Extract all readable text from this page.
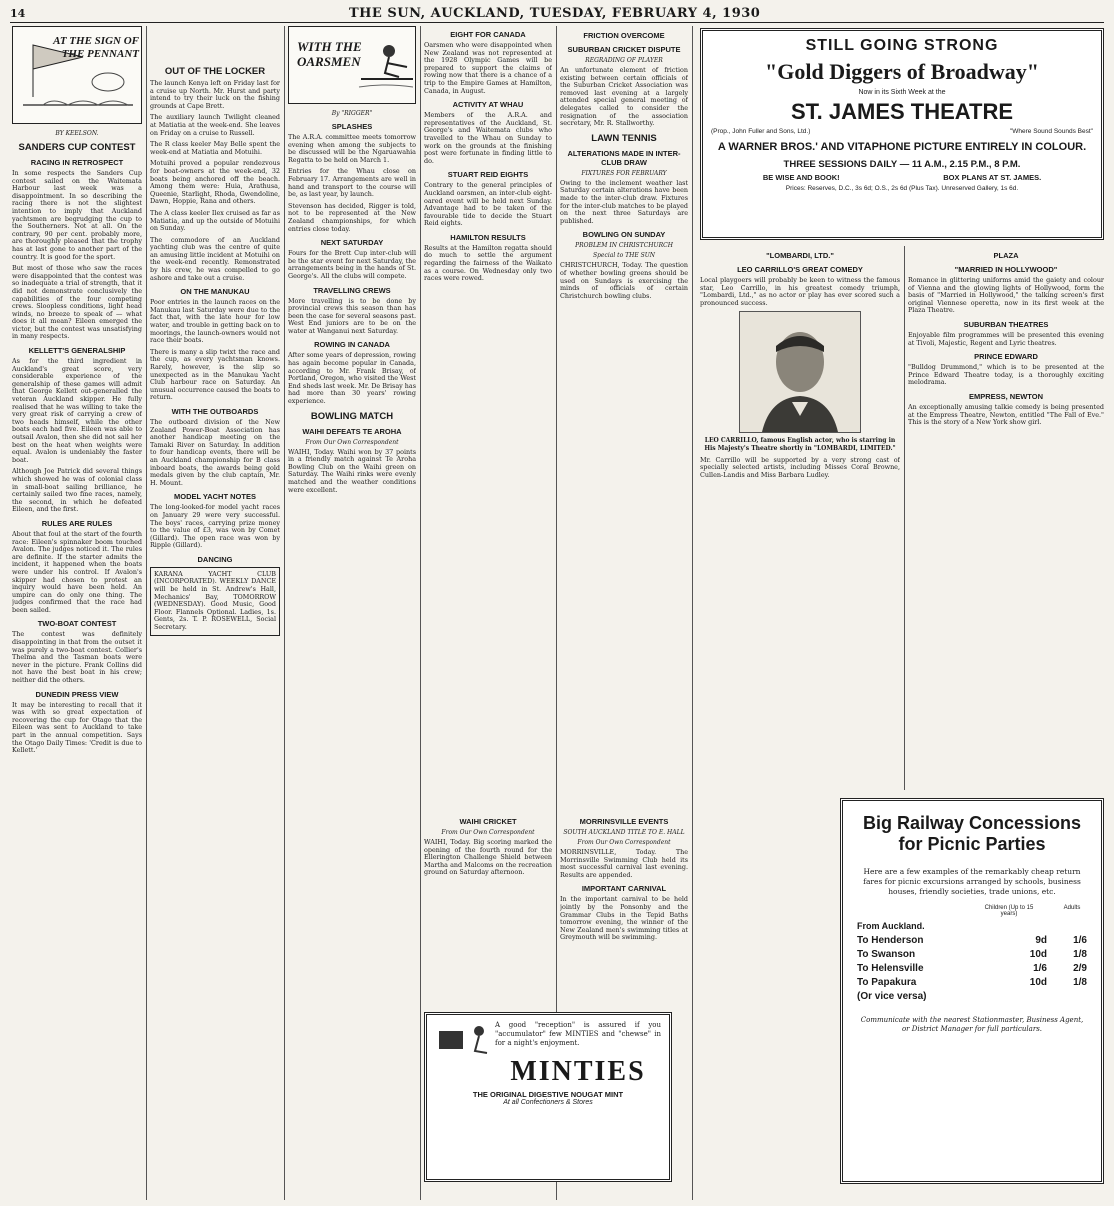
14	THE SUN, AUCKLAND, TUESDAY, FEBRUARY 4, 1930
AT THE SIGN OF THE PENNANT
BY KEELSON.
SANDERS CUP CONTEST
RACING IN RETROSPECT

In some respects the Sanders Cup contest sailed on the Waitemata Harbour last week was a disappointment. In so describing the racing there is not the slightest intention to imply that Auckland yachtsmen are begrudging the cup to the Southerners. Not at all. On the contrary, 90 per cent. probably more, are thoroughly pleased that the trophy has at last gone to another part of the country. It is good for the sport.

But most of those who saw the races were disappointed that the contest was so inadequate a trial of strength, that it did not demonstrate conclusively the capabilities of the four competing crews. Sloopless conditions, light head winds, no breeze to speak of — what does it all mean? Eileen emerged the victor, but the contest was unsatisfying in many respects.

KELLETT'S GENERALSHIP

As for the third ingredient in Auckland's great score, very considerable experience of the generalship of these games will admit that George Kellett out-generalled the veteran Auckland skipper. He fully realised that he was willing to take the very great risk of carrying a crew of two heads himself, while the other boats each had five. Eileen was able to outsail Avalon, then she did not sail her best on the heat when weights were equal. Avalon is undeniably the faster boat.

Although Joe Patrick did several things which showed he was of colonial class in small-boat sailing brilliance, he certainly sailed two fine races, namely, the second, in which he defeated Eileen, and the first.

RULES ARE RULES

About that foul at the start of the fourth race: Eileen's spinnaker boom touched Avalon. The judges noticed it. The rules are definite. If the starter admits the incident, it happened when the boats were under his control. If Avalon's skipper had chosen to protest an inquiry would have been held. An umpire can do only one thing. The judges confirmed that the race had been sailed.

TWO-BOAT CONTEST

The contest was definitely disappointing in that from the outset it was purely a two-boat contest. Collier's Thelma and the Tasman boats were never in the picture. Frank Collins did not have the best boat in his crew; neither did the others.

DUNEDIN PRESS VIEW

It may be interesting to recall that it was with so great expectation of recovering the cup for Otago that the Eileen was sent to Auckland to take part in the annual competition. Says the Otago Daily Times: 'Credit is due to Kellett.'

OUT OF THE LOCKER

The launch Kenya left on Friday last for a cruise up North. Mr. Hurst and party intend to try their luck on the fishing grounds at Cape Brett.

The auxiliary launch Twilight cleaned at Matiatia at the week-end. She leaves on Friday on a cruise to Russell.

The R class keeler May Belle spent the week-end at Matiatia and Motuihi.

Motuihi proved a popular rendezvous for boat-owners at the week-end, 32 boats being anchored off the beach. Among them were: Huia, Arathusa, Queenie, Starlight, Rhoda, Gwendoline, Dawn, Hoppie, Rana and others.

The A class keeler Ilex cruised as far as Matiatia, and up the outside of Motuihi on Sunday.

The commodore of an Auckland yachting club was the centre of quite an amusing little incident at Motuihi on the week-end recently. Remonstrated by his crew, he was compelled to go ashore and take out a cruise.

ON THE MANUKAU

Poor entries in the launch races on the Manukau last Saturday were due to the fact that, with the late hour for low water, and trouble in getting back on to moorings, the launch-owners would not race their boats.

There is many a slip twixt the race and the cup, as every yachtsman knows. Rarely, however, is the slip so unexpected as in the Manukau Yacht Club harbour race on Saturday. An unusual occurrence caused the boats to return.

WITH THE OUTBOARDS

The outboard division of the New Zealand Power-Boat Association has another handicap meeting on the Tamaki River on Saturday. In addition to four handicap events, there will be an Auckland championship for B class inboard boats, the awards being gold medals given by the club captain, Mr. H. Mount.

MODEL YACHT NOTES

The long-looked-for model yacht races on January 29 were very successful. The boys' races, carrying prize money to the value of £3, was won by Comet (Gillard). The open race was won by Ripple (Gillard).

DANCING

KARANA YACHT CLUB (INCORPORATED). WEEKLY DANCE will be held in St. Andrew's Hall, Mechanics' Bay, TOMORROW (WEDNESDAY). Good Music, Good Floor. Flannels Optional. Ladies, 1s. Gents, 2s. T. P. ROSEWELL, Social Secretary.

WITH THE OARSMEN
By "RIGGER"
SPLASHES

The A.R.A. committee meets tomorrow evening when among the subjects to be discussed will be the Ngaruawahia Regatta to be held on March 1.

Entries for the Whau close on February 17. Arrangements are well in hand and transport to the course will be, as last year, by launch.

Stevenson has decided, Rigger is told, not to be represented at the New Zealand championships, for which entries close today.

NEXT SATURDAY

Fours for the Brett Cup inter-club will be the star event for next Saturday, the arrangements being in the hands of St. George's. All the clubs will compete.

TRAVELLING CREWS

More travelling is to be done by provincial crews this season than has been the case for several seasons past. West End juniors are to be on the water at Wanganui next Saturday.

ROWING IN CANADA

After some years of depression, rowing has again become popular in Canada, according to Mr. Frank Brisay, of Portland, Oregon, who visited the West End sheds last week. Mr. De Brisay has had more than 30 years' rowing experience.

BOWLING MATCH
WAIHI DEFEATS TE AROHA
From Our Own Correspondent

WAIHI, Today. Waihi won by 37 points in a friendly match against Te Aroha Bowling Club on the Waihi green on Saturday. The Waihi rinks were evenly matched and the weather conditions were excellent.

EIGHT FOR CANADA

Oarsmen who were disappointed when New Zealand was not represented at the 1928 Olympic Games will be prepared to support the claims of rowing now that there is a chance of a trip to the Empire Games at Hamilton, Canada, in August.

ACTIVITY AT WHAU

Members of the A.R.A. and representatives of the Auckland, St. George's and Waitemata clubs who travelled to the Whau on Sunday to work on the grounds at the finishing post were fortunate in finding little to do.

STUART REID EIGHTS

Contrary to the general principles of Auckland oarsmen, an inter-club eight-oared event will be held next Sunday. Advantage had to be taken of the favourable tide to decide the Stuart Reid eights.

HAMILTON RESULTS

Results at the Hamilton regatta should do much to settle the argument regarding the fairness of the Waikato as a course. On Wednesday only two races were rowed.

FRICTION OVERCOME
SUBURBAN CRICKET DISPUTE
REGRADING OF PLAYER

An unfortunate element of friction existing between certain officials of the Suburban Cricket Association was removed last evening at a largely attended special general meeting of delegates called to consider the resignation of the association secretary, Mr. R. Stallworthy.

LAWN TENNIS
ALTERATIONS MADE IN INTER-CLUB DRAW
FIXTURES FOR FEBRUARY

Owing to the inclement weather last Saturday certain alterations have been made to the inter-club draw. Fixtures for the inter-club matches to be played on the next three Saturdays are published.

BOWLING ON SUNDAY
PROBLEM IN CHRISTCHURCH
Special to THE SUN

CHRISTCHURCH, Today. The question of whether bowling greens should be used on Sundays is exercising the minds of officials of certain Christchurch bowling clubs.

WAIHI CRICKET
From Our Own Correspondent

WAIHI, Today. Big scoring marked the opening of the fourth round for the Ellerington Challenge Shield between Martha and Malcoms on the recreation ground on Saturday afternoon.

MORRINSVILLE EVENTS
SOUTH AUCKLAND TITLE TO E. HALL
From Our Own Correspondent

MORRINSVILLE, Today. The Morrinsville Swimming Club held its most successful carnival last evening. Results are appended.

IMPORTANT CARNIVAL

In the important carnival to be held jointly by the Ponsonby and the Grammar Clubs in the Tepid Baths tomorrow evening, the winner of the New Zealand men's swimming titles at Greymouth will be swimming.

A good "reception" is assured if you "accumulator" few MINTIES and "chewse" in for a night's enjoyment.
MINTIES
THE ORIGINAL DIGESTIVE NOUGAT MINT
At all Confectioners & Stores
STILL GOING STRONG
"Gold Diggers of Broadway"
Now in its Sixth Week at the
ST. JAMES THEATRE
(Prop., John Fuller and Sons, Ltd.)	"Where Sound Sounds Best"
A WARNER BROS.' AND VITAPHONE PICTURE ENTIRELY IN COLOUR.
THREE SESSIONS DAILY — 11 A.M., 2.15 P.M., 8 P.M.
BE WISE AND BOOK!	BOX PLANS AT ST. JAMES.
Prices: Reserves, D.C., 3s 6d; O.S., 2s 6d (Plus Tax). Unreserved Gallery, 1s 6d.
"LOMBARDI, LTD."
LEO CARRILLO'S GREAT COMEDY

Local playgoers will probably be keen to witness the famous star, Leo Carrillo, in his greatest comedy triumph, "Lombardi, Ltd.," as no actor or play has ever scored such a pronounced success.

LEO CARRILLO, famous English actor, who is starring in His Majesty's Theatre shortly in "LOMBARDI, LIMITED."

Mr. Carrillo will be supported by a very strong cast of specially selected artists, including Misses Coral Browne, Cullen-Landis and Miss Barbara Ludley.

PLAZA
"MARRIED IN HOLLYWOOD"

Romance in glittering uniforms amid the gaiety and colour of Vienna and the glowing lights of Hollywood, form the basis of "Married in Hollywood," the talking screen's first original Viennese operetta, now in its first week at the Plaza Theatre.

SUBURBAN THEATRES

Enjoyable film programmes will be presented this evening at Tivoli, Majestic, Regent and Lyric theatres.

PRINCE EDWARD

"Bulldog Drummond," which is to be presented at the Prince Edward Theatre today, is a thoroughly exciting melodrama.

EMPRESS, NEWTON

An exceptionally amusing talkie comedy is being presented at the Empress Theatre, Newton, entitled "The Fall of Eve." This is the story of a New York show girl.

Big Railway Concessions
for Picnic Parties

Here are a few examples of the remarkably cheap return fares for picnic excursions arranged by schools, business houses, friendly societies, trade unions, etc.

Children (Up to 15 years)
Adults
From Auckland.
To Henderson	9d	1/6
To Swanson	10d	1/8
To Helensville	1/6	2/9
To Papakura	10d	1/8
(Or vice versa)

Communicate with the nearest Stationmaster, Business Agent, or District Manager for full particulars.
